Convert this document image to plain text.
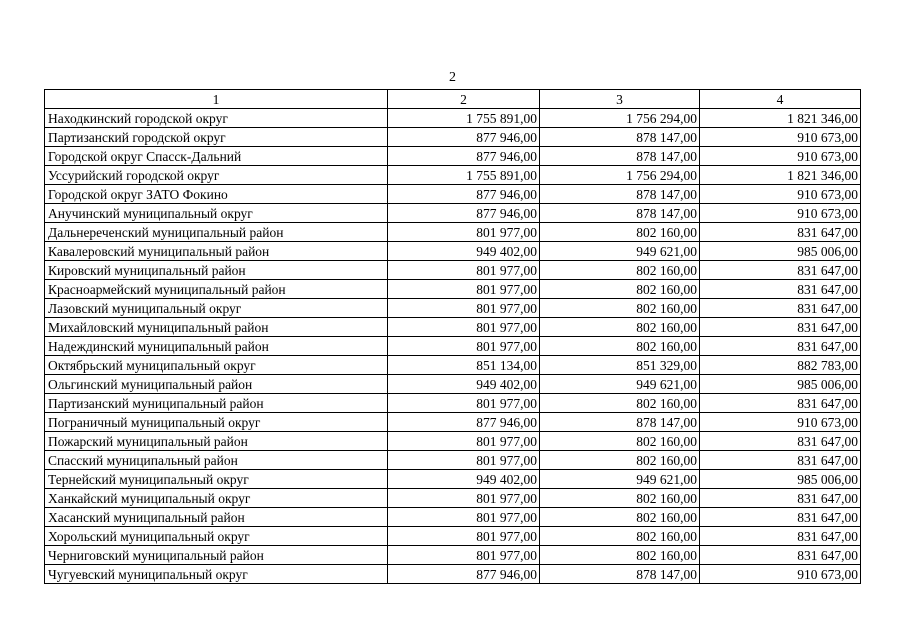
2
1	2	3	4
Находкинский городской округ	1 755 891,00	1 756 294,00	1 821 346,00
Партизанский городской округ	877 946,00	878 147,00	910 673,00
Городской округ Спасск-Дальний	877 946,00	878 147,00	910 673,00
Уссурийский городской округ	1 755 891,00	1 756 294,00	1 821 346,00
Городской округ ЗАТО Фокино	877 946,00	878 147,00	910 673,00
Анучинский муниципальный округ	877 946,00	878 147,00	910 673,00
Дальнереченский муниципальный район	801 977,00	802 160,00	831 647,00
Кавалеровский муниципальный район	949 402,00	949 621,00	985 006,00
Кировский муниципальный район	801 977,00	802 160,00	831 647,00
Красноармейский муниципальный район	801 977,00	802 160,00	831 647,00
Лазовский муниципальный округ	801 977,00	802 160,00	831 647,00
Михайловский муниципальный район	801 977,00	802 160,00	831 647,00
Надеждинский муниципальный район	801 977,00	802 160,00	831 647,00
Октябрьский муниципальный округ	851 134,00	851 329,00	882 783,00
Ольгинский муниципальный район	949 402,00	949 621,00	985 006,00
Партизанский муниципальный район	801 977,00	802 160,00	831 647,00
Пограничный муниципальный округ	877 946,00	878 147,00	910 673,00
Пожарский муниципальный район	801 977,00	802 160,00	831 647,00
Спасский муниципальный район	801 977,00	802 160,00	831 647,00
Тернейский муниципальный округ	949 402,00	949 621,00	985 006,00
Ханкайский муниципальный округ	801 977,00	802 160,00	831 647,00
Хасанский муниципальный район	801 977,00	802 160,00	831 647,00
Хорольский муниципальный округ	801 977,00	802 160,00	831 647,00
Черниговский муниципальный район	801 977,00	802 160,00	831 647,00
Чугуевский муниципальный округ	877 946,00	878 147,00	910 673,00
